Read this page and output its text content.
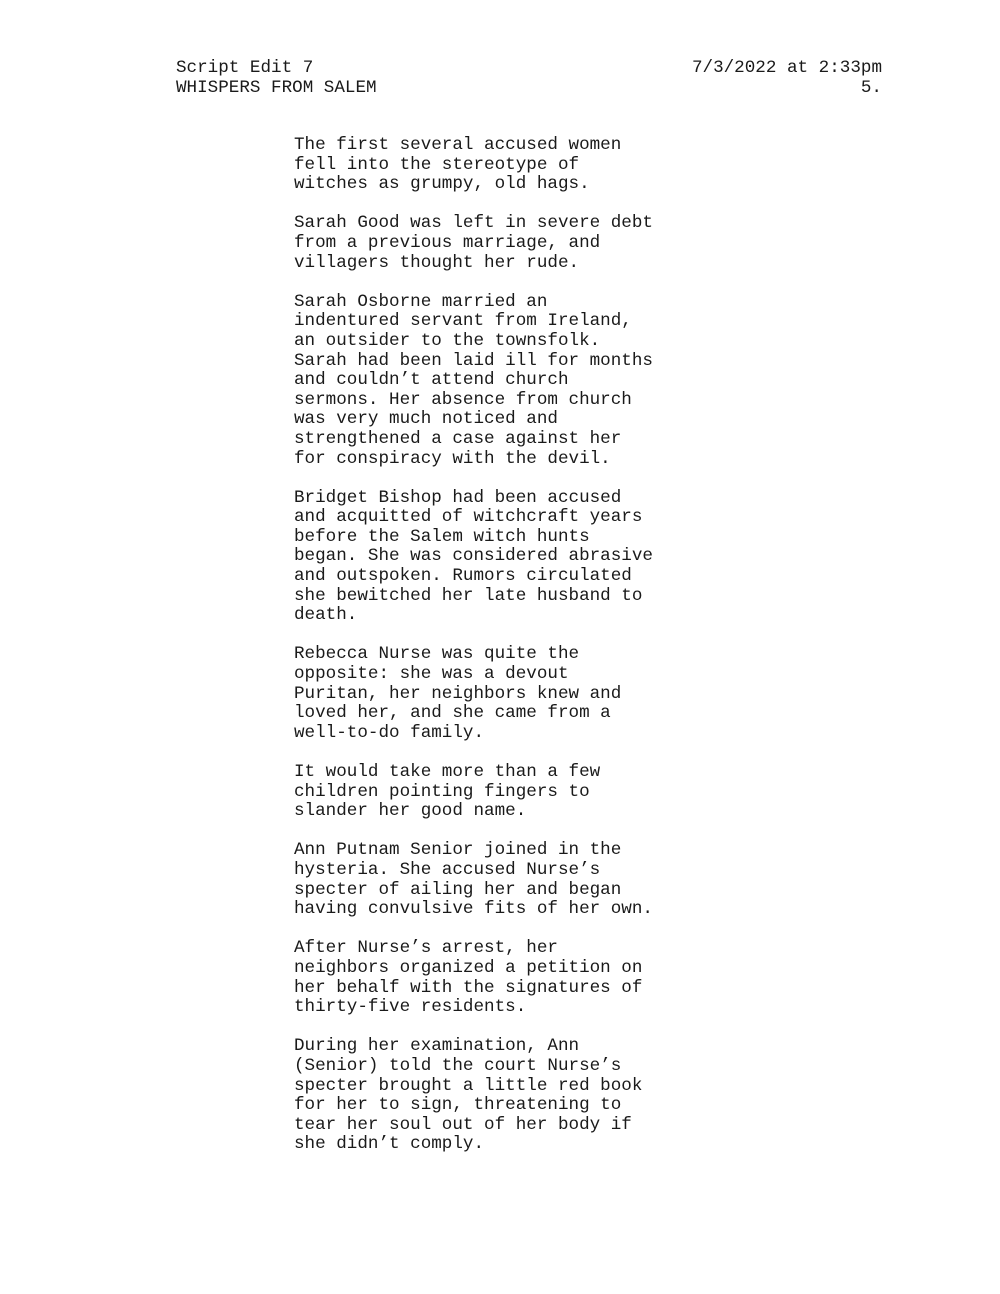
Script Edit 7
WHISPERS FROM SALEM
7/3/2022 at 2:33pm
5.
The first several accused women
fell into the stereotype of
witches as grumpy, old hags.
Sarah Good was left in severe debt
from a previous marriage, and
villagers thought her rude.
Sarah Osborne married an
indentured servant from Ireland,
an outsider to the townsfolk.
Sarah had been laid ill for months
and couldn’t attend church
sermons. Her absence from church
was very much noticed and
strengthened a case against her
for conspiracy with the devil.
Bridget Bishop had been accused
and acquitted of witchcraft years
before the Salem witch hunts
began. She was considered abrasive
and outspoken. Rumors circulated
she bewitched her late husband to
death.
Rebecca Nurse was quite the
opposite: she was a devout
Puritan, her neighbors knew and
loved her, and she came from a
well-to-do family.
It would take more than a few
children pointing fingers to
slander her good name.
Ann Putnam Senior joined in the
hysteria. She accused Nurse’s
specter of ailing her and began
having convulsive fits of her own.
After Nurse’s arrest, her
neighbors organized a petition on
her behalf with the signatures of
thirty-five residents.
During her examination, Ann
(Senior) told the court Nurse’s
specter brought a little red book
for her to sign, threatening to
tear her soul out of her body if
she didn’t comply.
